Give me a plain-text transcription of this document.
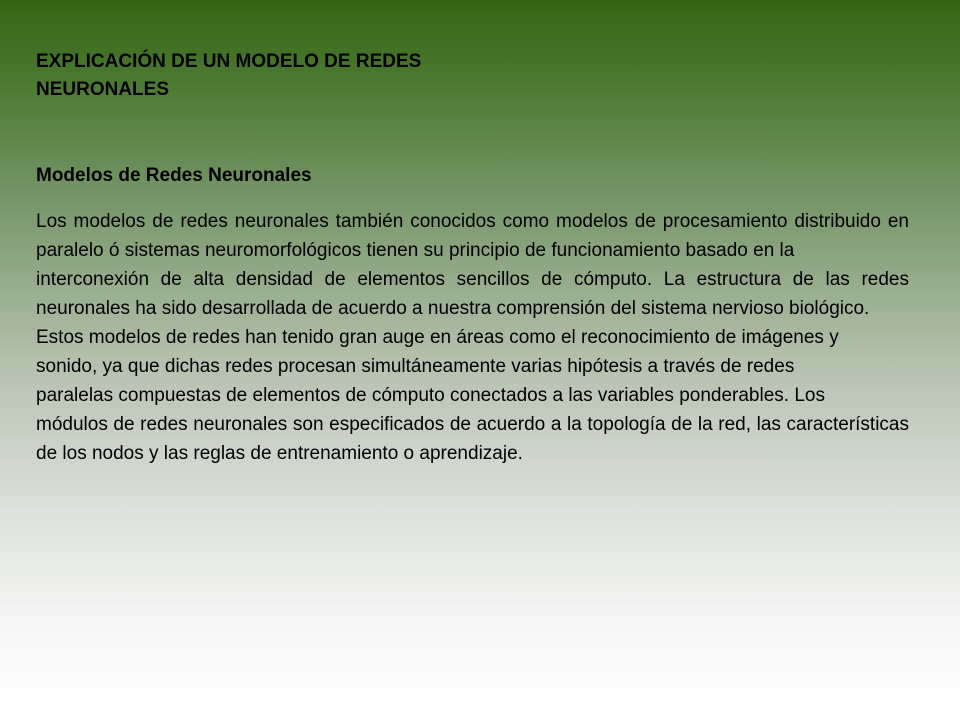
EXPLICACIÓN DE UN MODELO DE REDES
NEURONALES
Modelos de Redes Neuronales

Los modelos de redes neuronales también conocidos como modelos de procesamiento distribuido en paralelo ó sistemas neuromorfológicos tienen su principio de funcionamiento basado en la

interconexión de alta densidad de elementos sencillos de cómputo. La estructura de las redes neuronales ha sido desarrollada de acuerdo a nuestra comprensión del sistema nervioso biológico.

Estos modelos de redes han tenido gran auge en áreas como el reconocimiento de imágenes y

sonido, ya que dichas redes procesan simultáneamente varias hipótesis a través de redes

paralelas compuestas de elementos de cómputo conectados a las variables ponderables. Los

módulos de redes neuronales son especificados de acuerdo a la topología de la red, las características de los nodos y las reglas de entrenamiento o aprendizaje.
